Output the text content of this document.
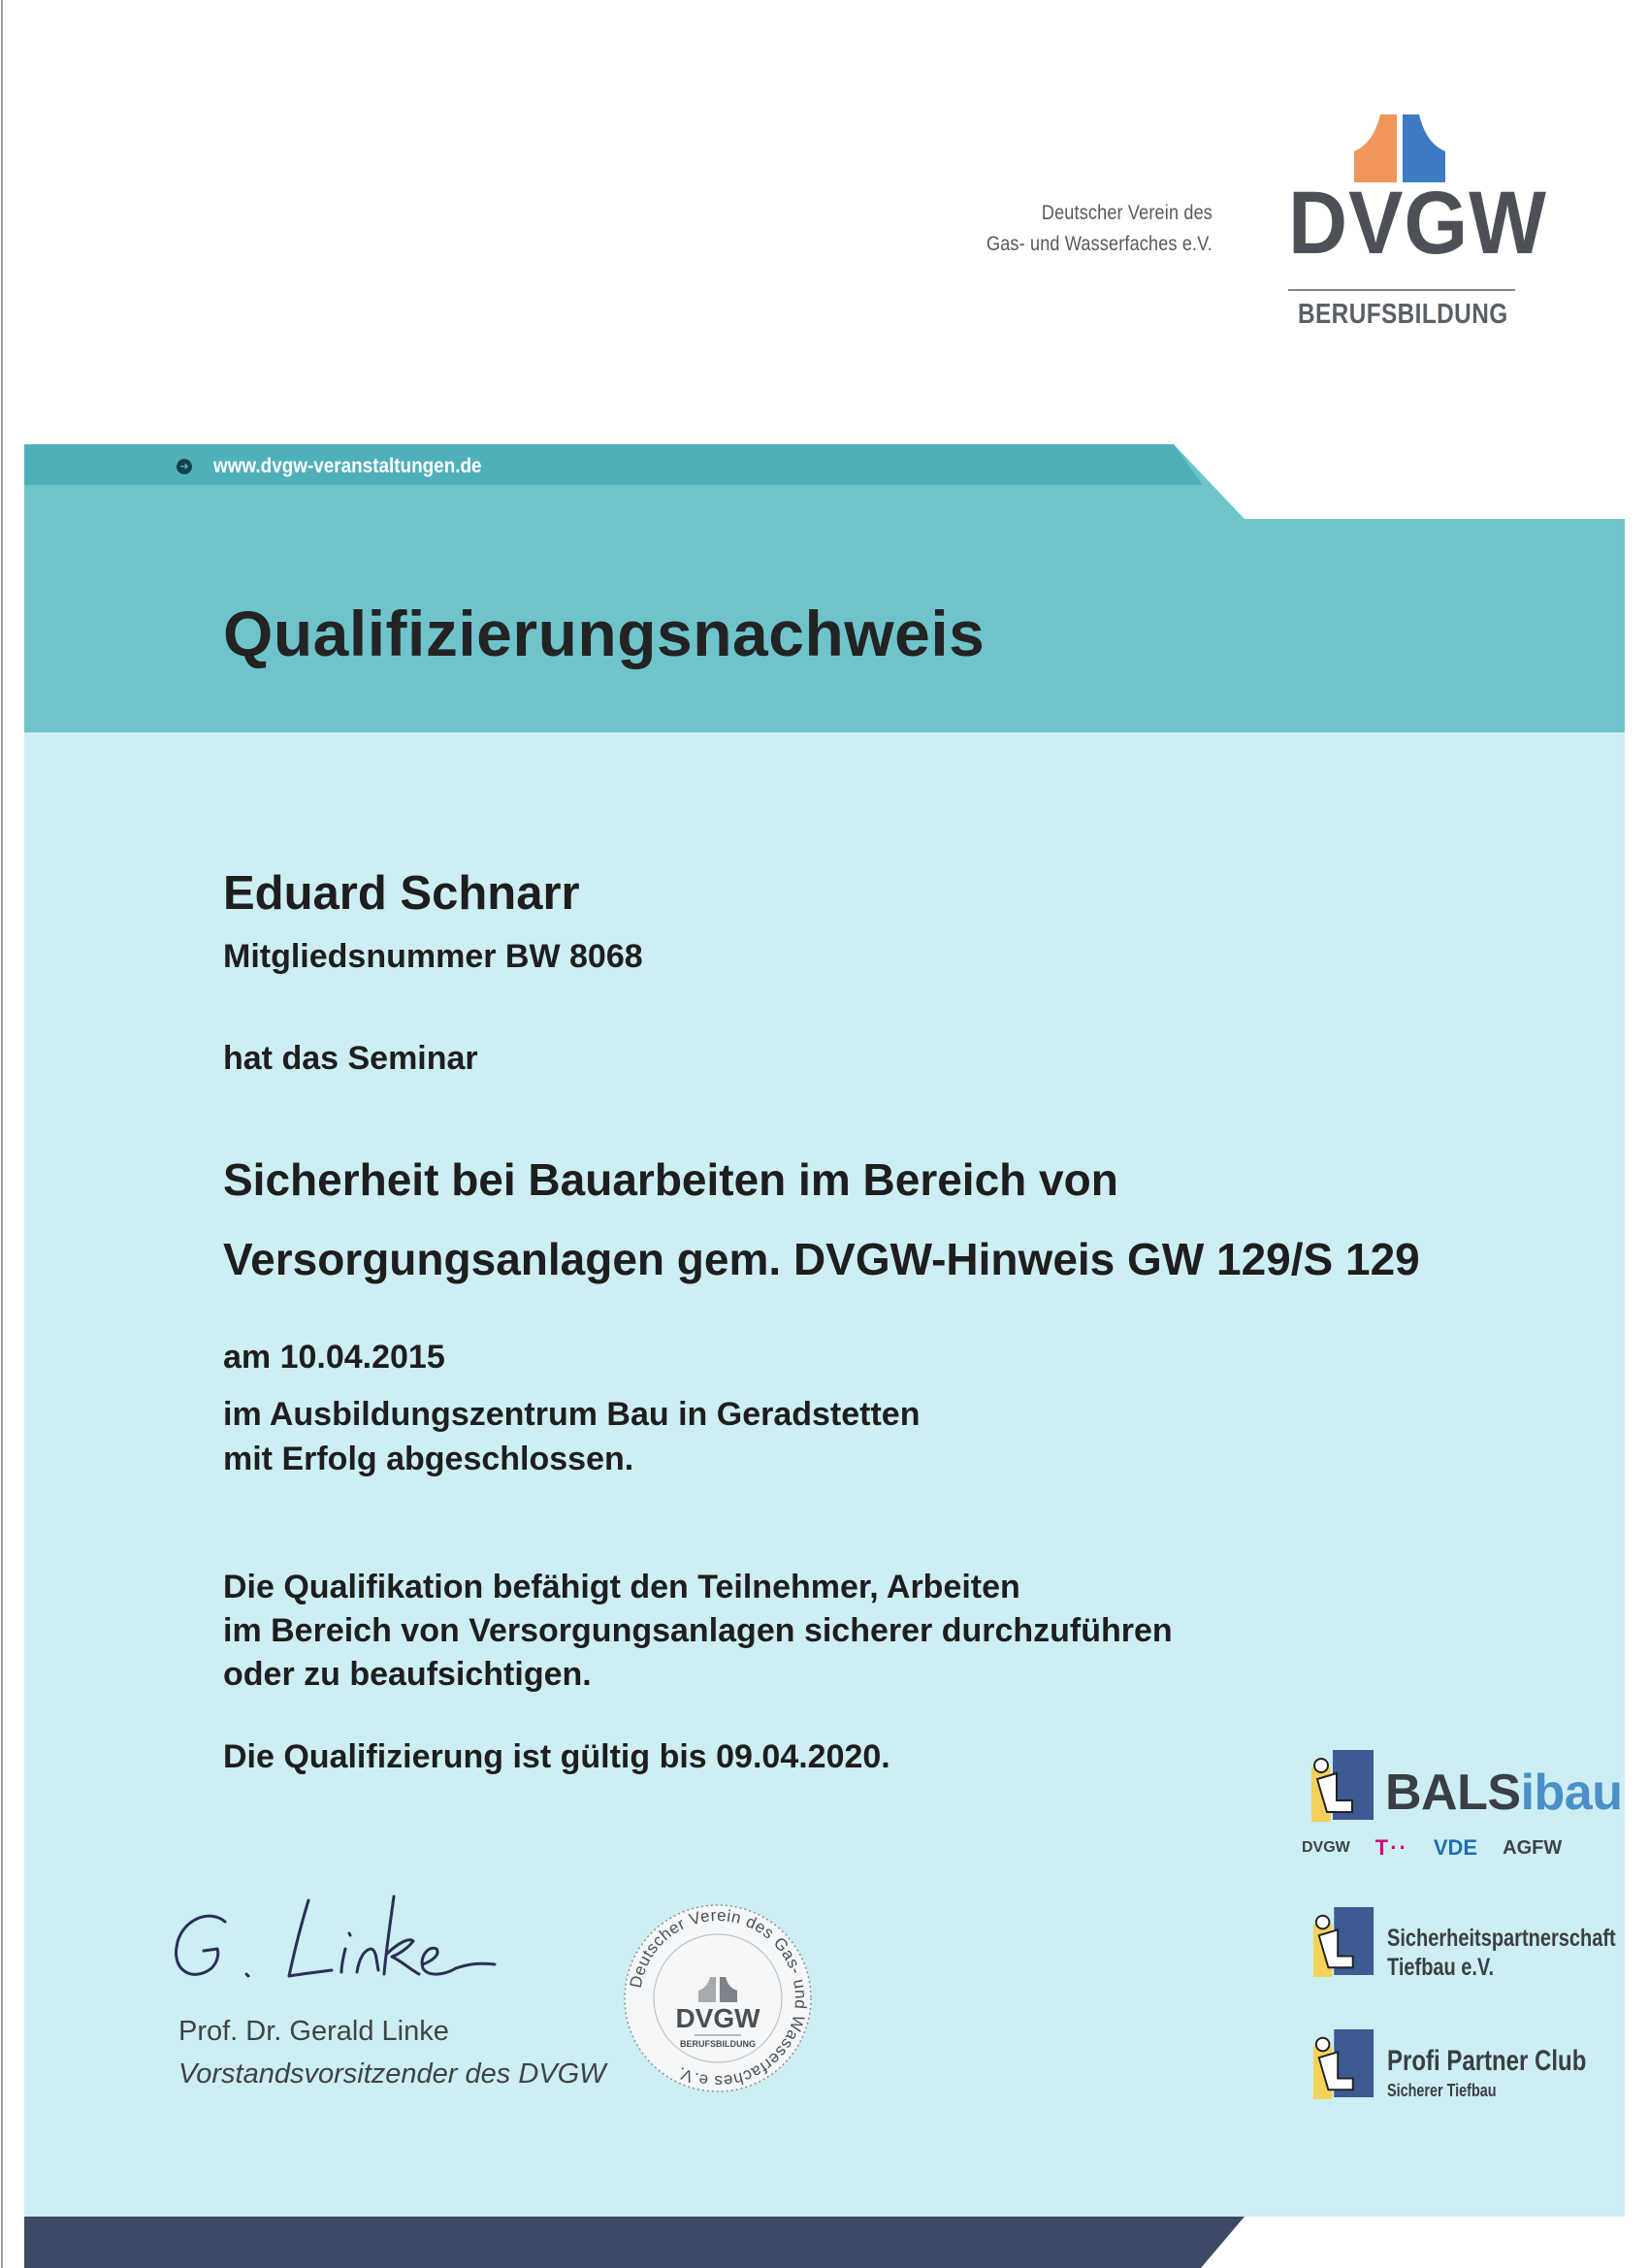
Deutscher Verein des
Gas- und Wasserfaches e.V. DVGW
BERUFSBILDUNG
➜ www.dvgw-veranstaltungen.de
Qualifizierungsnachweis
Eduard Schnarr
Mitgliedsnummer BW 8068
hat das Seminar
Sicherheit bei Bauarbeiten im Bereich von
Versorgungsanlagen gem. DVGW-Hinweis GW 129/S 129
am 10.04.2015
im Ausbildungszentrum Bau in Geradstetten
mit Erfolg abgeschlossen.
Die Qualifikation befähigt den Teilnehmer, Arbeiten
im Bereich von Versorgungsanlagen sicherer durchzuführen
oder zu beaufsichtigen.
Die Qualifizierung ist gültig bis 09.04.2020.
Prof. Dr. Gerald Linke
Vorstandsvorsitzender des DVGW
Deutscher Verein des Gas- und Wasserfaches e.V.
DVGW
BERUFSBILDUNG
BALSibau
DVGW T·· VDE AGFW
Sicherheitspartnerschaft
Tiefbau e.V.
Profi Partner Club
Sicherer Tiefbau
